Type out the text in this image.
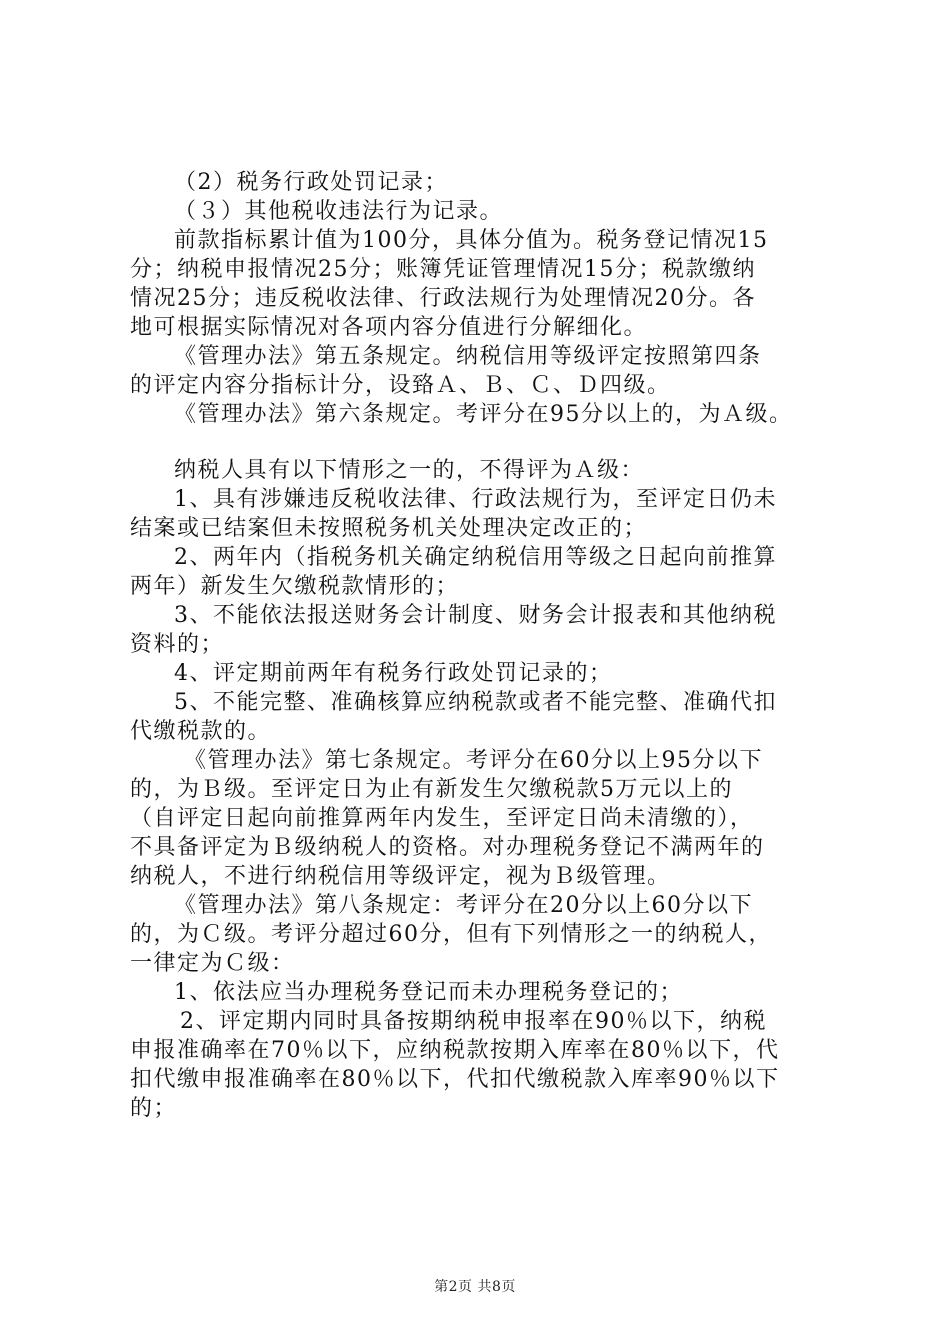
（2）税务行政处罚记录；
（３）其他税收违法行为记录。
前款指标累计值为100分，具体分值为。税务登记情况15
分；纳税申报情况25分；账簿凭证管理情况15分；税款缴纳
情况25分；违反税收法律、行政法规行为处理情况20分。各
地可根据实际情况对各项内容分值进行分解细化。
《管理办法》第五条规定。纳税信用等级评定按照第四条
的评定内容分指标计分，设臵Ａ、Ｂ、Ｃ、Ｄ四级。
《管理办法》第六条规定。考评分在95分以上的，为Ａ级。
纳税人具有以下情形之一的，不得评为Ａ级：
1、具有涉嫌违反税收法律、行政法规行为，至评定日仍未
结案或已结案但未按照税务机关处理决定改正的；
2、两年内（指税务机关确定纳税信用等级之日起向前推算
两年）新发生欠缴税款情形的；
3、不能依法报送财务会计制度、财务会计报表和其他纳税
资料的；
4、评定期前两年有税务行政处罚记录的；
5、不能完整、准确核算应纳税款或者不能完整、准确代扣
代缴税款的。
《管理办法》第七条规定。考评分在60分以上95分以下
的，为Ｂ级。至评定日为止有新发生欠缴税款5万元以上的
（自评定日起向前推算两年内发生，至评定日尚未清缴的），
不具备评定为Ｂ级纳税人的资格。对办理税务登记不满两年的
纳税人，不进行纳税信用等级评定，视为Ｂ级管理。
《管理办法》第八条规定：考评分在20分以上60分以下
的，为Ｃ级。考评分超过60分，但有下列情形之一的纳税人，
一律定为Ｃ级：
1、依法应当办理税务登记而未办理税务登记的；
2、评定期内同时具备按期纳税申报率在90％以下，纳税
申报准确率在70％以下，应纳税款按期入库率在80％以下，代
扣代缴申报准确率在80％以下，代扣代缴税款入库率90％以下
的；
第2页 共8页
